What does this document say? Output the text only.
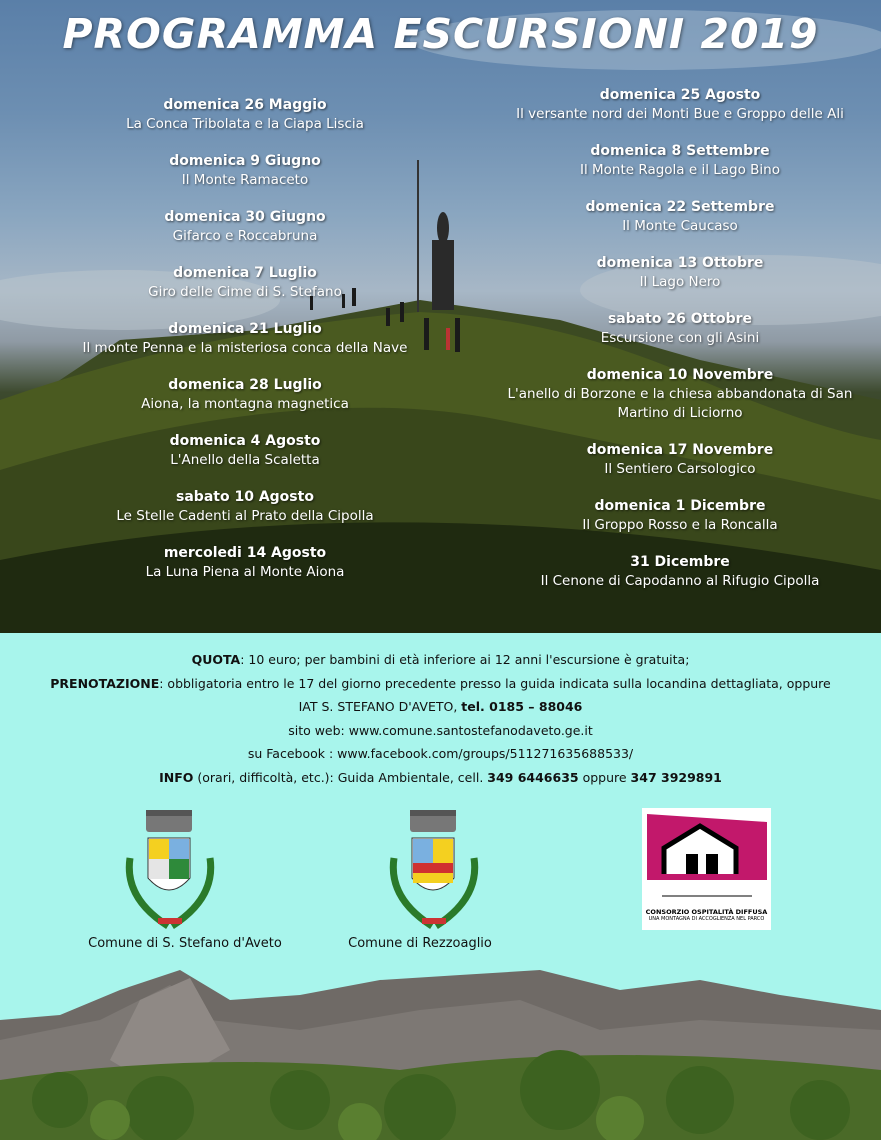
PROGRAMMA ESCURSIONI 2019
domenica 26 Maggio
La Conca Tribolata e la Ciapa Liscia
domenica 9 Giugno
Il Monte Ramaceto
domenica 30 Giugno
Gifarco e Roccabruna
domenica 7 Luglio
Giro delle Cime di S. Stefano
domenica 21 Luglio
Il monte Penna e la misteriosa conca della Nave
domenica 28 Luglio
Aiona, la montagna magnetica
domenica 4 Agosto
L'Anello della Scaletta
sabato 10 Agosto
Le Stelle Cadenti al Prato della Cipolla
mercoledi 14 Agosto
La Luna Piena al Monte Aiona
domenica 25 Agosto
Il versante nord dei Monti Bue e Groppo delle Ali
domenica 8 Settembre
Il Monte Ragola e il Lago Bino
domenica 22 Settembre
Il Monte Caucaso
domenica 13 Ottobre
Il Lago Nero
sabato 26 Ottobre
Escursione con gli Asini
domenica 10 Novembre
L'anello di Borzone e la chiesa abbandonata di San Martino di Liciorno
domenica 17 Novembre
Il Sentiero Carsologico
domenica 1 Dicembre
Il Groppo Rosso e la Roncalla
31 Dicembre
Il Cenone di Capodanno al Rifugio Cipolla
QUOTA: 10 euro; per bambini di età inferiore ai 12 anni l'escursione è gratuita;
PRENOTAZIONE: obbligatoria entro le 17 del giorno precedente presso la guida indicata sulla locandina dettagliata, oppure
IAT S. STEFANO D'AVETO, tel. 0185 – 88046
sito web: www.comune.santostefanodaveto.ge.it
su Facebook : www.facebook.com/groups/511271635688533/
INFO (orari, difficoltà, etc.): Guida Ambientale, cell. 349 6446635 oppure 347 3929891
Comune di S. Stefano d'Aveto	Comune di Rezzoaglio
CONSORZIO OSPITALITÀ DIFFUSA
UNA MONTAGNA DI ACCOGLIENZA NEL PARCO
